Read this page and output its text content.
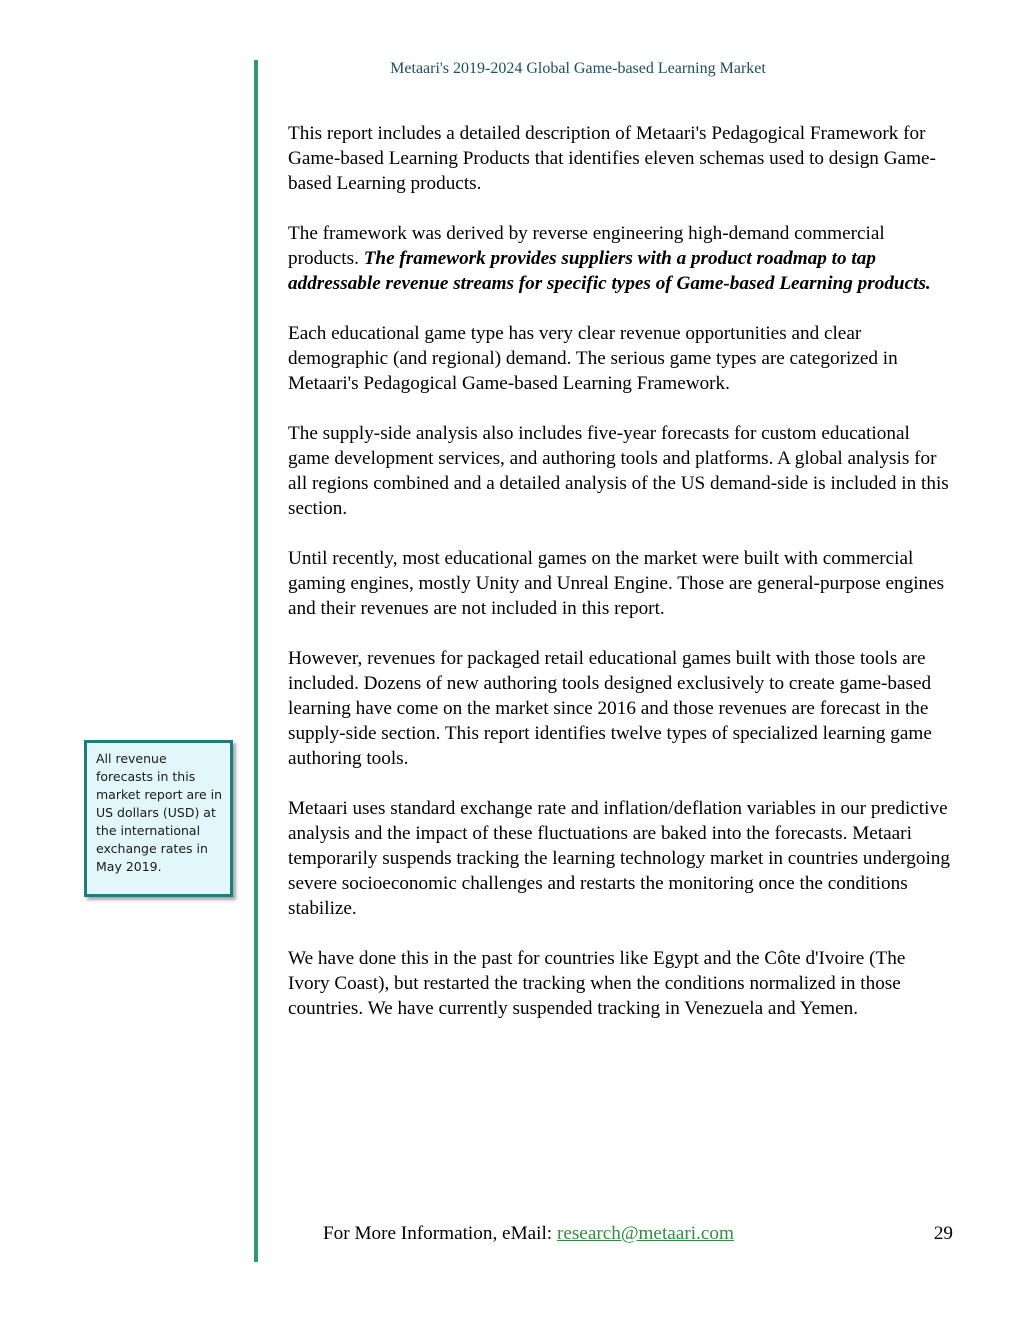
Metaari's 2019-2024 Global Game-based Learning Market

This report includes a detailed description of Metaari's Pedagogical Framework for Game-based Learning Products that identifies eleven schemas used to design Game-based Learning products.

The framework was derived by reverse engineering high-demand commercial products. The framework provides suppliers with a product roadmap to tap addressable revenue streams for specific types of Game-based Learning products.

Each educational game type has very clear revenue opportunities and clear demographic (and regional) demand. The serious game types are categorized in Metaari's Pedagogical Game-based Learning Framework.

The supply-side analysis also includes five-year forecasts for custom educational game development services, and authoring tools and platforms. A global analysis for all regions combined and a detailed analysis of the US demand-side is included in this section.

Until recently, most educational games on the market were built with commercial gaming engines, mostly Unity and Unreal Engine. Those are general-purpose engines and their revenues are not included in this report.

However, revenues for packaged retail educational games built with those tools are included. Dozens of new authoring tools designed exclusively to create game-based learning have come on the market since 2016 and those revenues are forecast in the supply-side section. This report identifies twelve types of specialized learning game authoring tools.

Metaari uses standard exchange rate and inflation/deflation variables in our predictive analysis and the impact of these fluctuations are baked into the forecasts. Metaari temporarily suspends tracking the learning technology market in countries undergoing severe socioeconomic challenges and restarts the monitoring once the conditions stabilize.

We have done this in the past for countries like Egypt and the Côte d'Ivoire (The Ivory Coast), but restarted the tracking when the conditions normalized in those countries. We have currently suspended tracking in Venezuela and Yemen.

All revenue forecasts in this market report are in US dollars (USD) at the international exchange rates in May 2019.
For More Information, eMail: research@metaari.com	29
